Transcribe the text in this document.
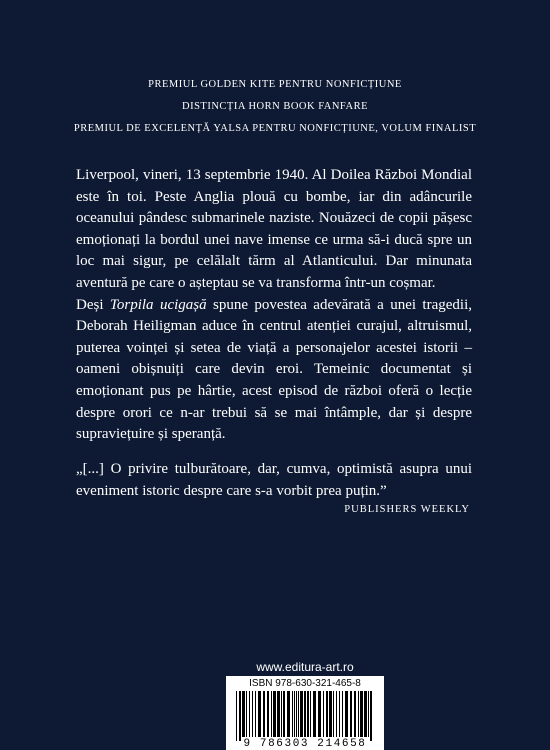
PREMIUL GOLDEN KITE PENTRU NONFICȚIUNE
DISTINCȚIA HORN BOOK FANFARE
PREMIUL DE EXCELENȚĂ YALSA PENTRU NONFICȚIUNE, VOLUM FINALIST

Liverpool, vineri, 13 septembrie 1940. Al Doilea Război Mondial este în toi. Peste Anglia plouă cu bombe, iar din adâncurile oceanului pândesc submarinele naziste. Nouăzeci de copii pășesc emoționați la bordul unei nave imense ce urma să-i ducă spre un loc mai sigur, pe celălalt tărm al Atlanticului. Dar minunata aventură pe care o așteptau se va transforma într-un coșmar.

Deși Torpila ucigașă spune povestea adevărată a unei tragedii, Deborah Heiligman aduce în centrul atenției curajul, altruismul, puterea voinței și setea de viață a personajelor acestei istorii – oameni obișnuiți care devin eroi. Temeinic documentat și emoționant pus pe hârtie, acest episod de război oferă o lecție despre orori ce n-ar trebui să se mai întâmple, dar și despre supraviețuire și speranță.

„[...] O privire tulburătoare, dar, cumva, optimistă asupra unui eveniment istoric despre care s-a vorbit prea puțin.”
PUBLISHERS WEEKLY
www.editura-art.ro
ISBN 978-630-321-465-8
9 786303 214658
